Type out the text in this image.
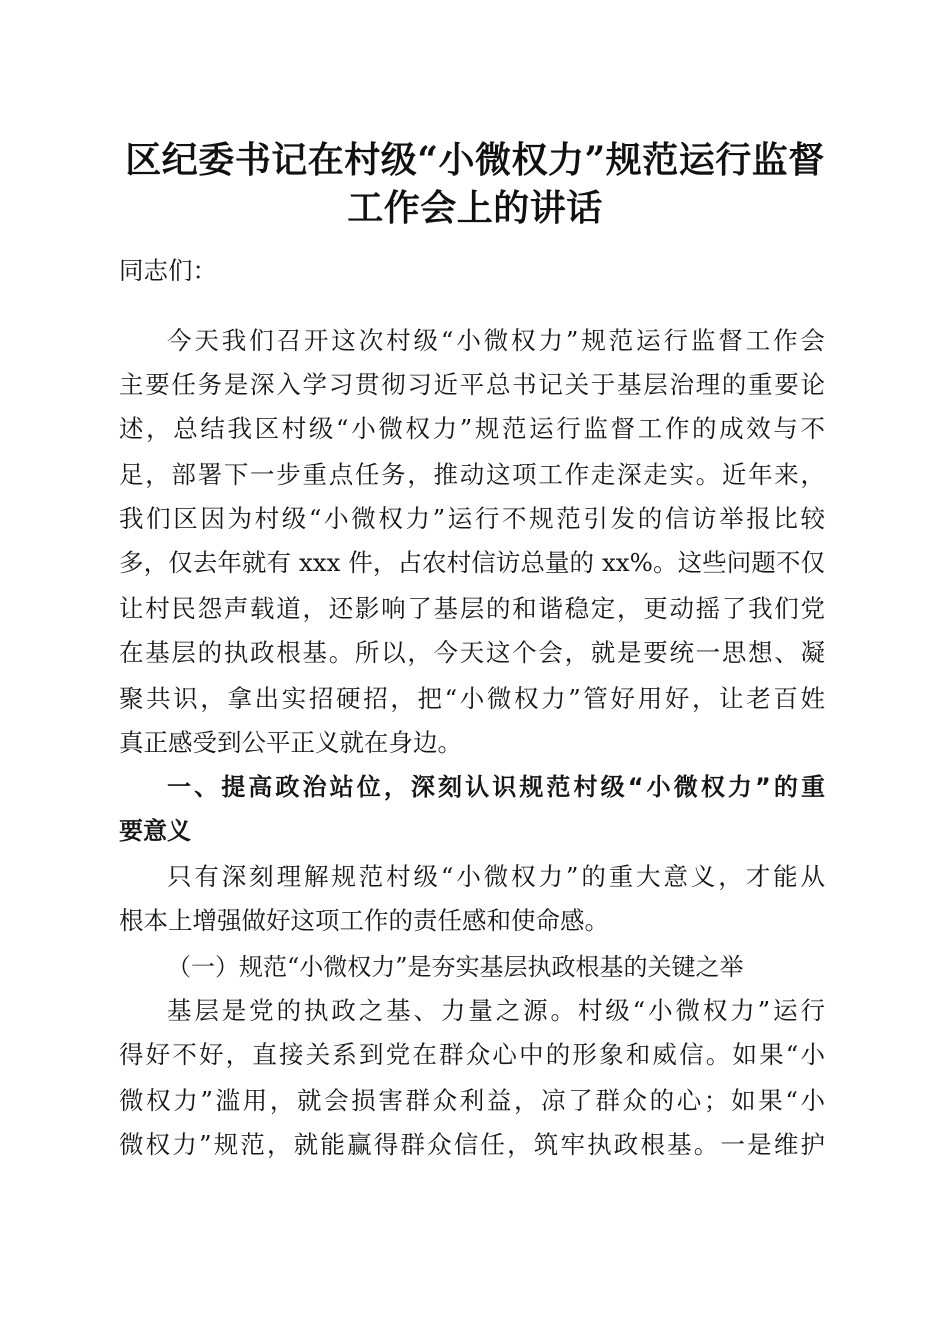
区纪委书记在村级“小微权力”规范运行监督
工作会上的讲话
同志们：
今天我们召开这次村级“小微权力”规范运行监督工作会
主要任务是深入学习贯彻习近平总书记关于基层治理的重要论
述，总结我区村级“小微权力”规范运行监督工作的成效与不
足，部署下一步重点任务，推动这项工作走深走实。近年来，
我们区因为村级“小微权力”运行不规范引发的信访举报比较
多，仅去年就有 xxx 件，占农村信访总量的 xx%。这些问题不仅
让村民怨声载道，还影响了基层的和谐稳定，更动摇了我们党
在基层的执政根基。所以，今天这个会，就是要统一思想、凝
聚共识，拿出实招硬招，把“小微权力”管好用好，让老百姓
真正感受到公平正义就在身边。
一、提高政治站位，深刻认识规范村级“小微权力”的重
要意义
只有深刻理解规范村级“小微权力”的重大意义，才能从
根本上增强做好这项工作的责任感和使命感。
（一）规范“小微权力”是夯实基层执政根基的关键之举
基层是党的执政之基、力量之源。村级“小微权力”运行
得好不好，直接关系到党在群众心中的形象和威信。如果“小
微权力”滥用，就会损害群众利益，凉了群众的心；如果“小
微权力”规范，就能赢得群众信任，筑牢执政根基。一是维护
